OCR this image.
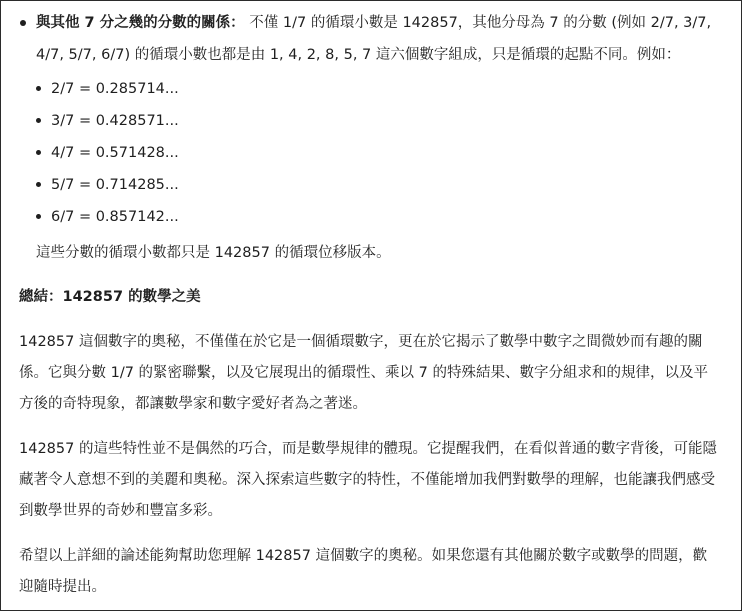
與其他 7 分之幾的分數的關係： 不僅 1/7 的循環小數是 142857，其他分母為 7 的分數 (例如 2/7, 3/7, 4/7, 5/7, 6/7) 的循環小數也都是由 1, 4, 2, 8, 5, 7 這六個數字組成，只是循環的起點不同。例如：
2/7 = 0.285714...
3/7 = 0.428571...
4/7 = 0.571428...
5/7 = 0.714285...
6/7 = 0.857142...
這些分數的循環小數都只是 142857 的循環位移版本。
總結：142857 的數學之美
142857 這個數字的奧秘，不僅僅在於它是一個循環數字，更在於它揭示了數學中數字之間微妙而有趣的關係。它與分數 1/7 的緊密聯繫，以及它展現出的循環性、乘以 7 的特殊結果、數字分組求和的規律，以及平方後的奇特現象，都讓數學家和數字愛好者為之著迷。
142857 的這些特性並不是偶然的巧合，而是數學規律的體現。它提醒我們，在看似普通的數字背後，可能隱藏著令人意想不到的美麗和奧秘。深入探索這些數字的特性，不僅能增加我們對數學的理解，也能讓我們感受到數學世界的奇妙和豐富多彩。
希望以上詳細的論述能夠幫助您理解 142857 這個數字的奧秘。如果您還有其他關於數字或數學的問題，歡迎隨時提出。
